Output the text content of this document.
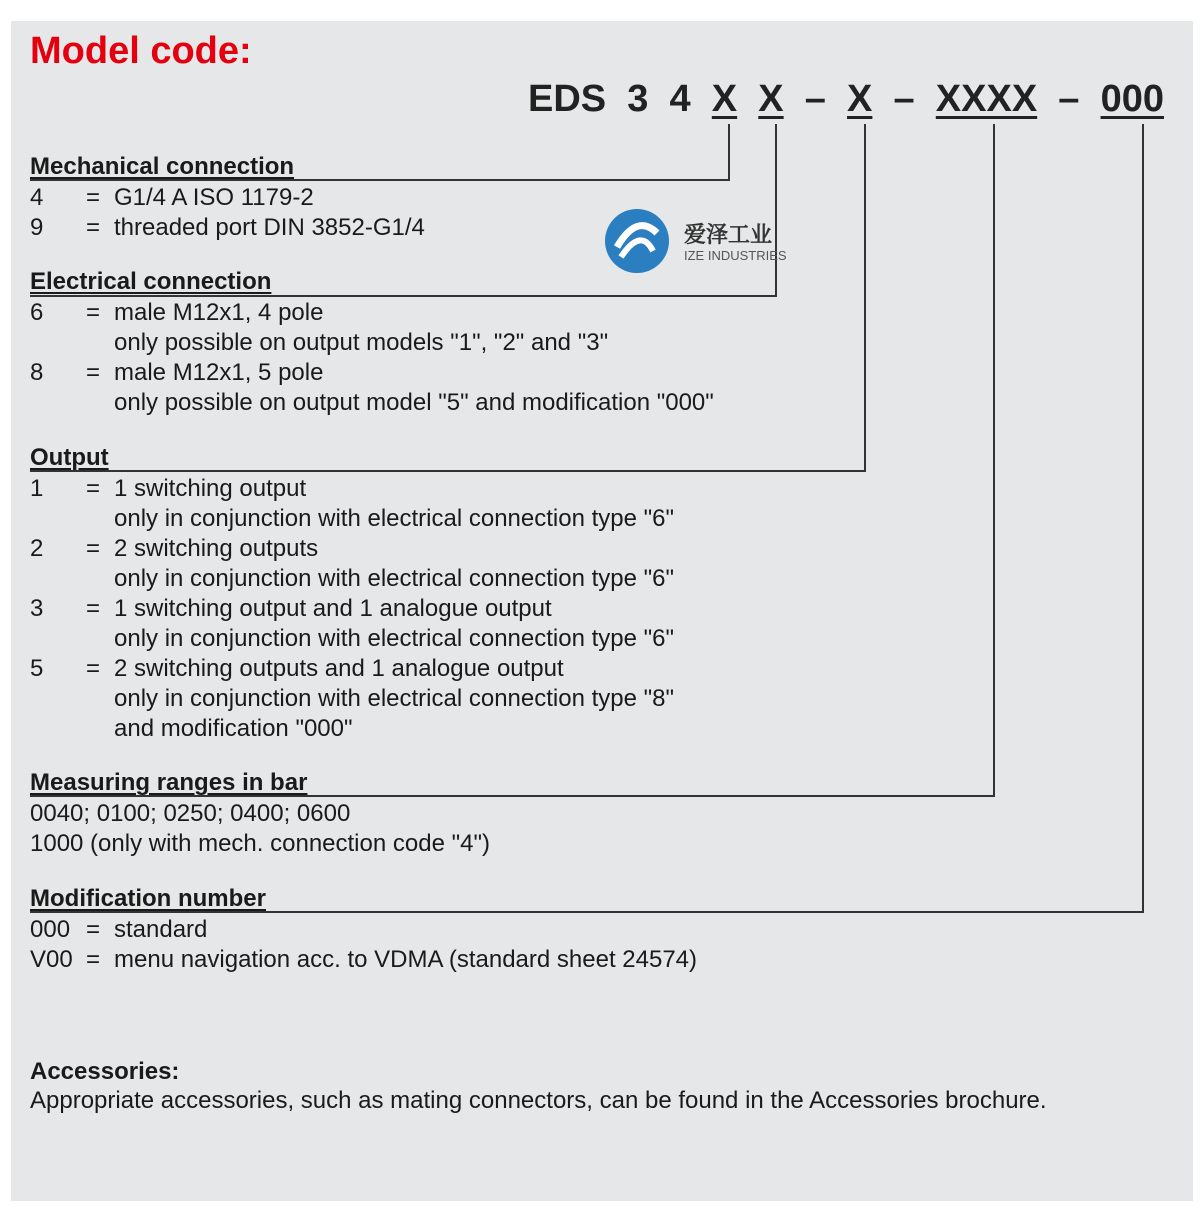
Model code:
EDS 3 4 X X – X – XXXX – 000
爱泽工业
IZE INDUSTRIES
Mechanical connection
4 = G1/4 A ISO 1179-2
9 = threaded port DIN 3852-G1/4
Electrical connection
6 = male M12x1, 4 pole
only possible on output models "1", "2" and "3"
8 = male M12x1, 5 pole
only possible on output model "5" and modification "000"
Output
1 = 1 switching output
only in conjunction with electrical connection type "6"
2 = 2 switching outputs
only in conjunction with electrical connection type "6"
3 = 1 switching output and 1 analogue output
only in conjunction with electrical connection type "6"
5 = 2 switching outputs and 1 analogue output
only in conjunction with electrical connection type "8"
and modification "000"
Measuring ranges in bar
0040; 0100; 0250; 0400; 0600
1000 (only with mech. connection code "4")
Modification number
000 = standard
V00 = menu navigation acc. to VDMA (standard sheet 24574)
Accessories:
Appropriate accessories, such as mating connectors, can be found in the Accessories brochure.
